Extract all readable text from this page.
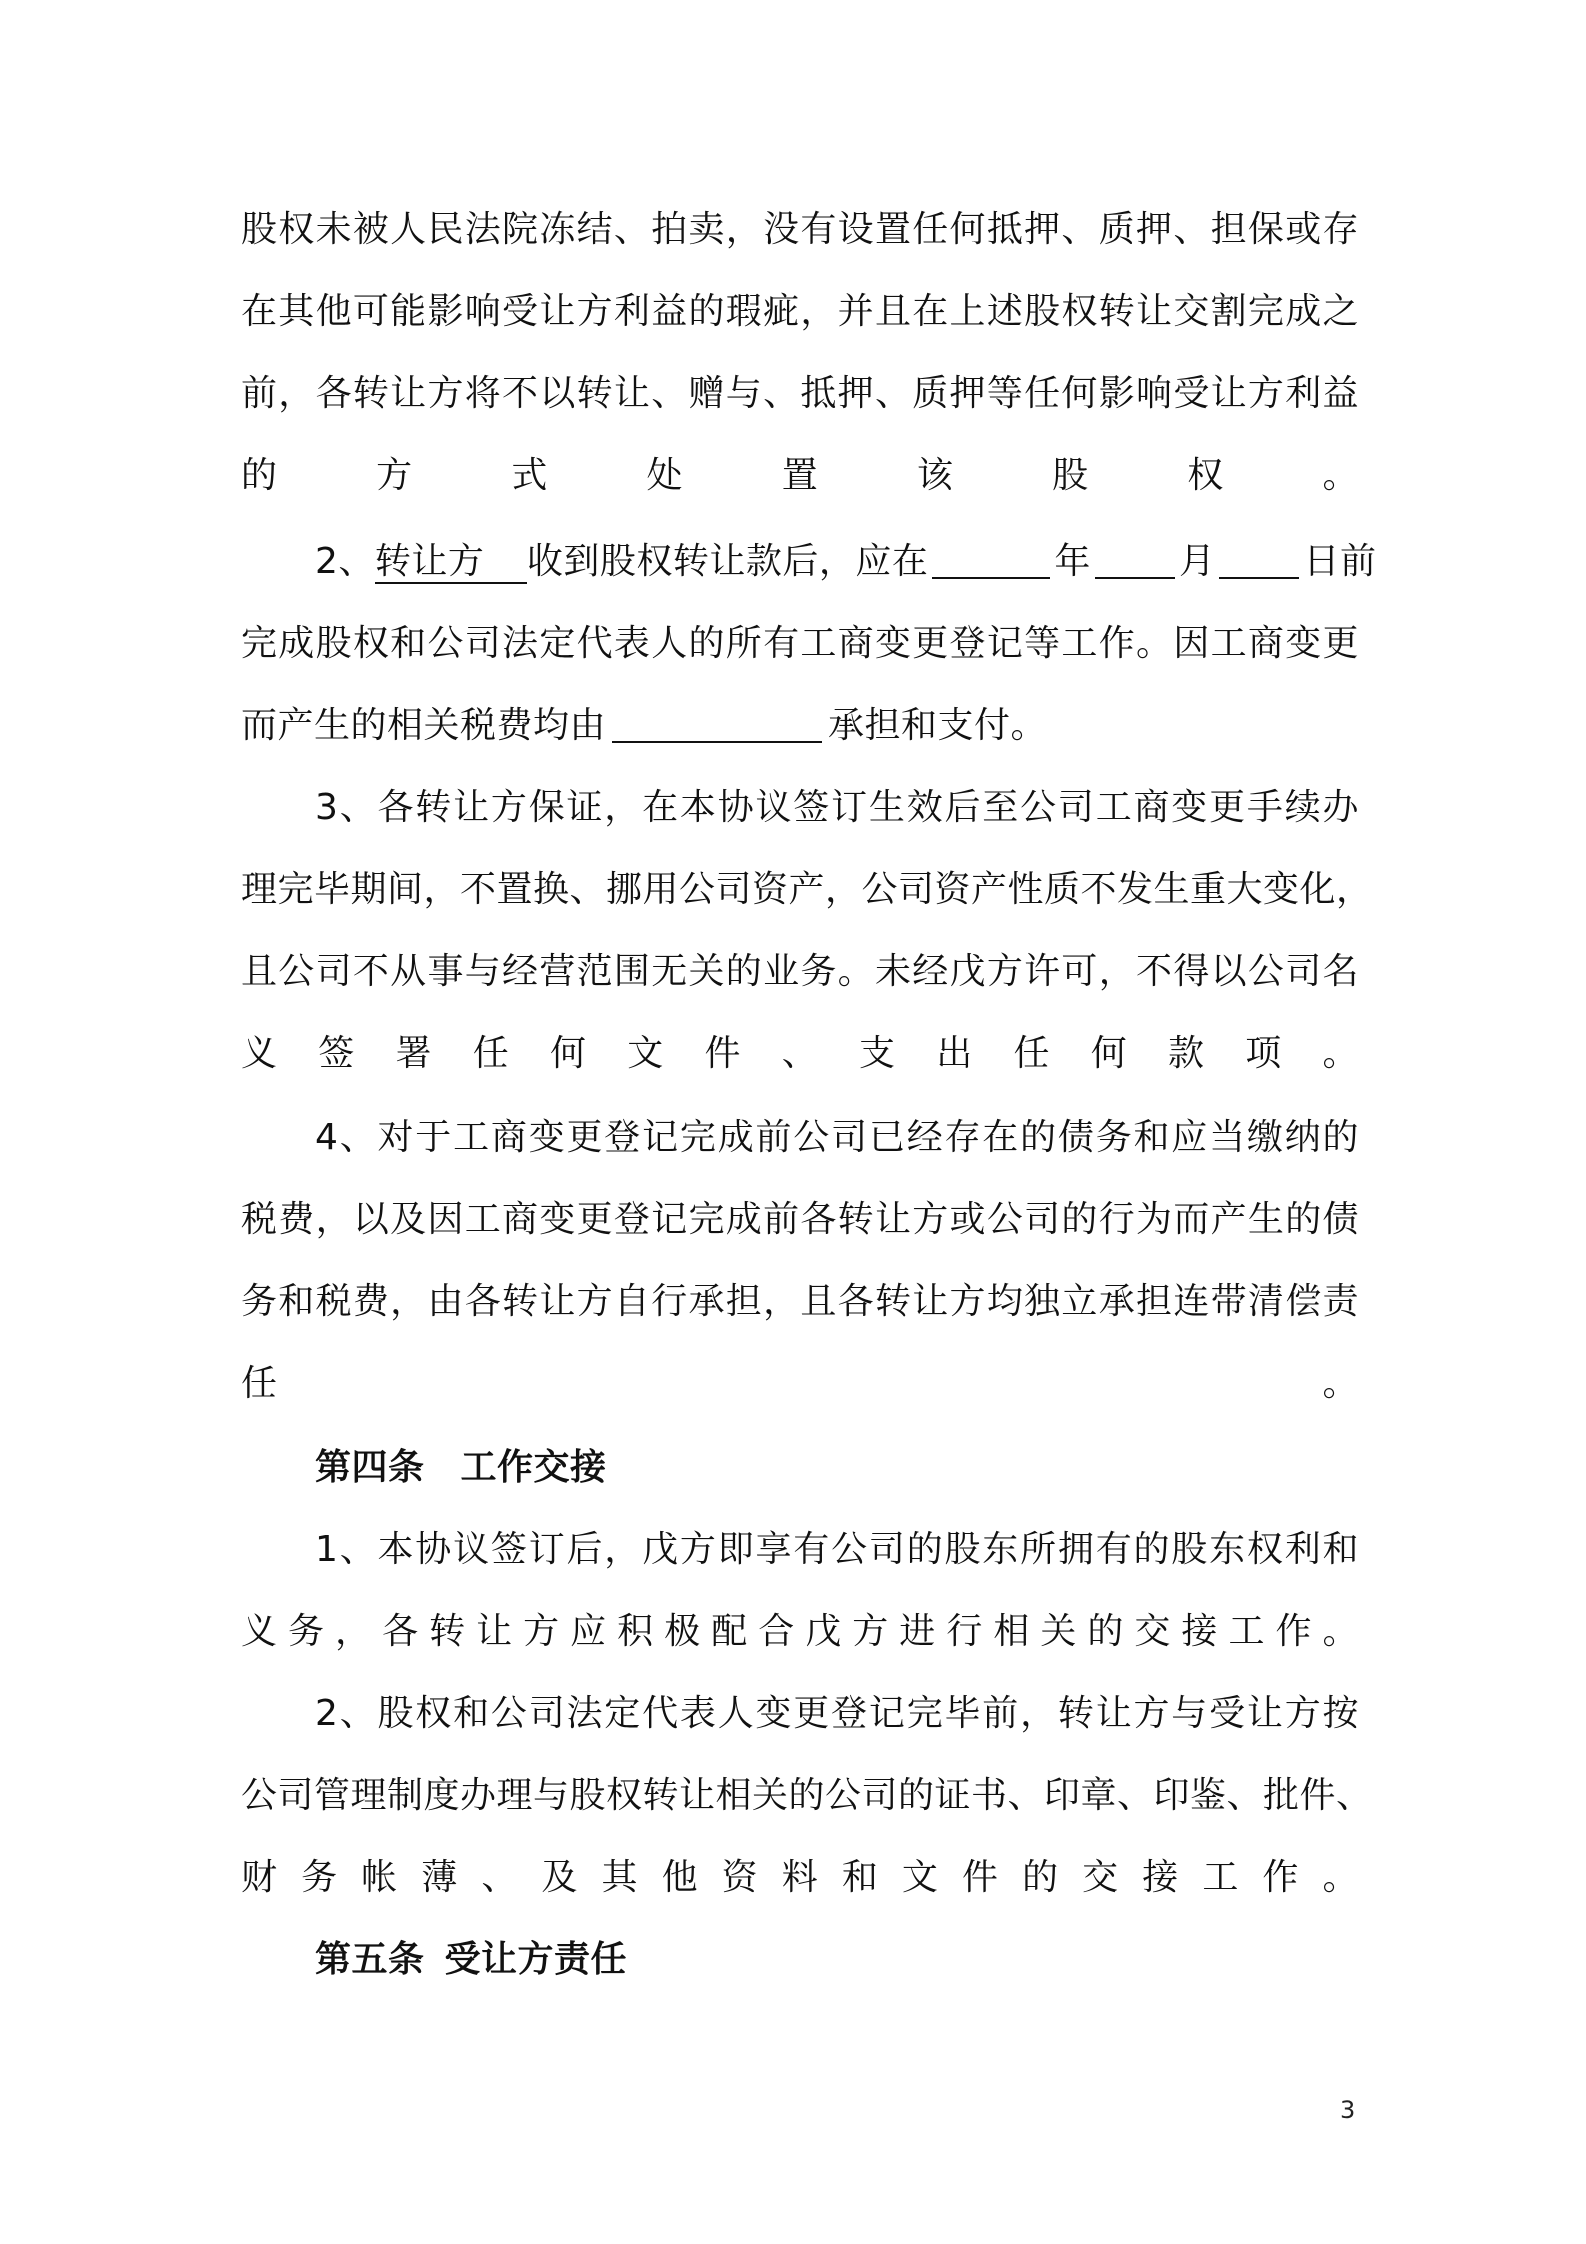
股权未被人民法院冻结、拍卖，没有设置任何抵押、质押、担保或存
在其他可能影响受让方利益的瑕疵，并且在上述股权转让交割完成之
前，各转让方将不以转让、赠与、抵押、质押等任何影响受让方利益
的方式处置该股权。
2、转让方 收到股权转让款后，应在	年 月 日前
完成股权和公司法定代表人的所有工商变更登记等工作。因工商变更
而产生的相关税费均由	承担和支付。
3、各转让方保证，在本协议签订生效后至公司工商变更手续办
理完毕期间，不置换、挪用公司资产，公司资产性质不发生重大变化，
且公司不从事与经营范围无关的业务。未经戊方许可，不得以公司名
义签署任何文件、支出任何款项。
4、对于工商变更登记完成前公司已经存在的债务和应当缴纳的
税费，以及因工商变更登记完成前各转让方或公司的行为而产生的债
务和税费，由各转让方自行承担，且各转让方均独立承担连带清偿责
任。
第四条 工作交接
1、本协议签订后，戊方即享有公司的股东所拥有的股东权利和
义务，各转让方应积极配合戊方进行相关的交接工作。
2、股权和公司法定代表人变更登记完毕前，转让方与受让方按
公司管理制度办理与股权转让相关的公司的证书、印章、印鉴、批件、
财务帐薄、及其他资料和文件的交接工作。
第五条 受让方责任
3
